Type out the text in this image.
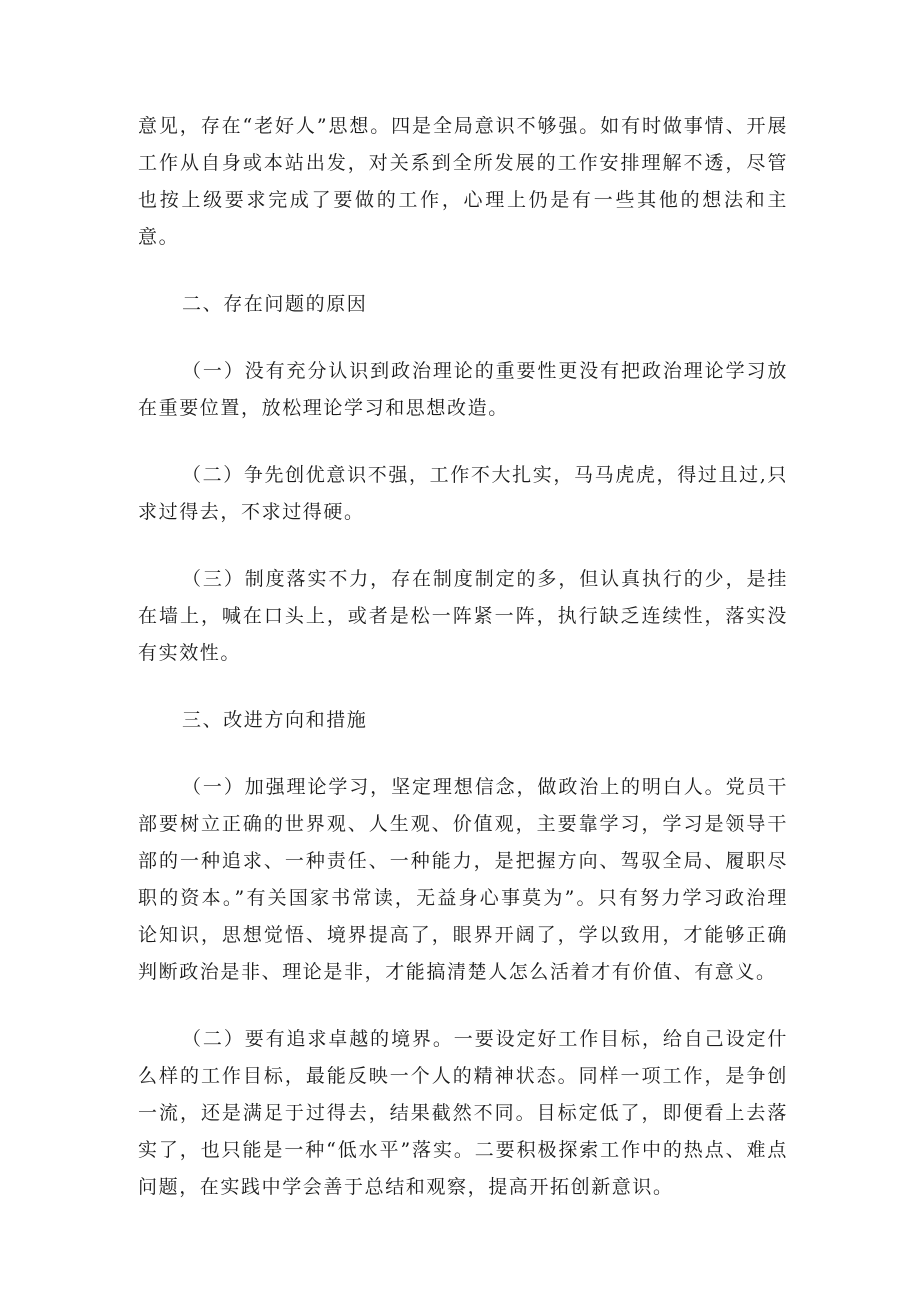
意见，存在“老好人”思想。四是全局意识不够强。如有时做事情、开展工作从自身或本站出发，对关系到全所发展的工作安排理解不透，尽管也按上级要求完成了要做的工作，心理上仍是有一些其他的想法和主意。

二、存在问题的原因

（一）没有充分认识到政治理论的重要性更没有把政治理论学习放在重要位置，放松理论学习和思想改造。

（二）争先创优意识不强，工作不大扎实，马马虎虎，得过且过,只求过得去，不求过得硬。

（三）制度落实不力，存在制度制定的多，但认真执行的少，是挂在墙上，喊在口头上，或者是松一阵紧一阵，执行缺乏连续性，落实没有实效性。

三、改进方向和措施

（一）加强理论学习，坚定理想信念，做政治上的明白人。党员干部要树立正确的世界观、人生观、价值观，主要靠学习，学习是领导干部的一种追求、一种责任、一种能力，是把握方向、驾驭全局、履职尽职的资本。”有关国家书常读，无益身心事莫为”。只有努力学习政治理论知识，思想觉悟、境界提高了，眼界开阔了，学以致用，才能够正确判断政治是非、理论是非，才能搞清楚人怎么活着才有价值、有意义。

（二）要有追求卓越的境界。一要设定好工作目标，给自己设定什么样的工作目标，最能反映一个人的精神状态。同样一项工作，是争创一流，还是满足于过得去，结果截然不同。目标定低了，即便看上去落实了，也只能是一种“低水平”落实。二要积极探索工作中的热点、难点问题，在实践中学会善于总结和观察，提高开拓创新意识。
